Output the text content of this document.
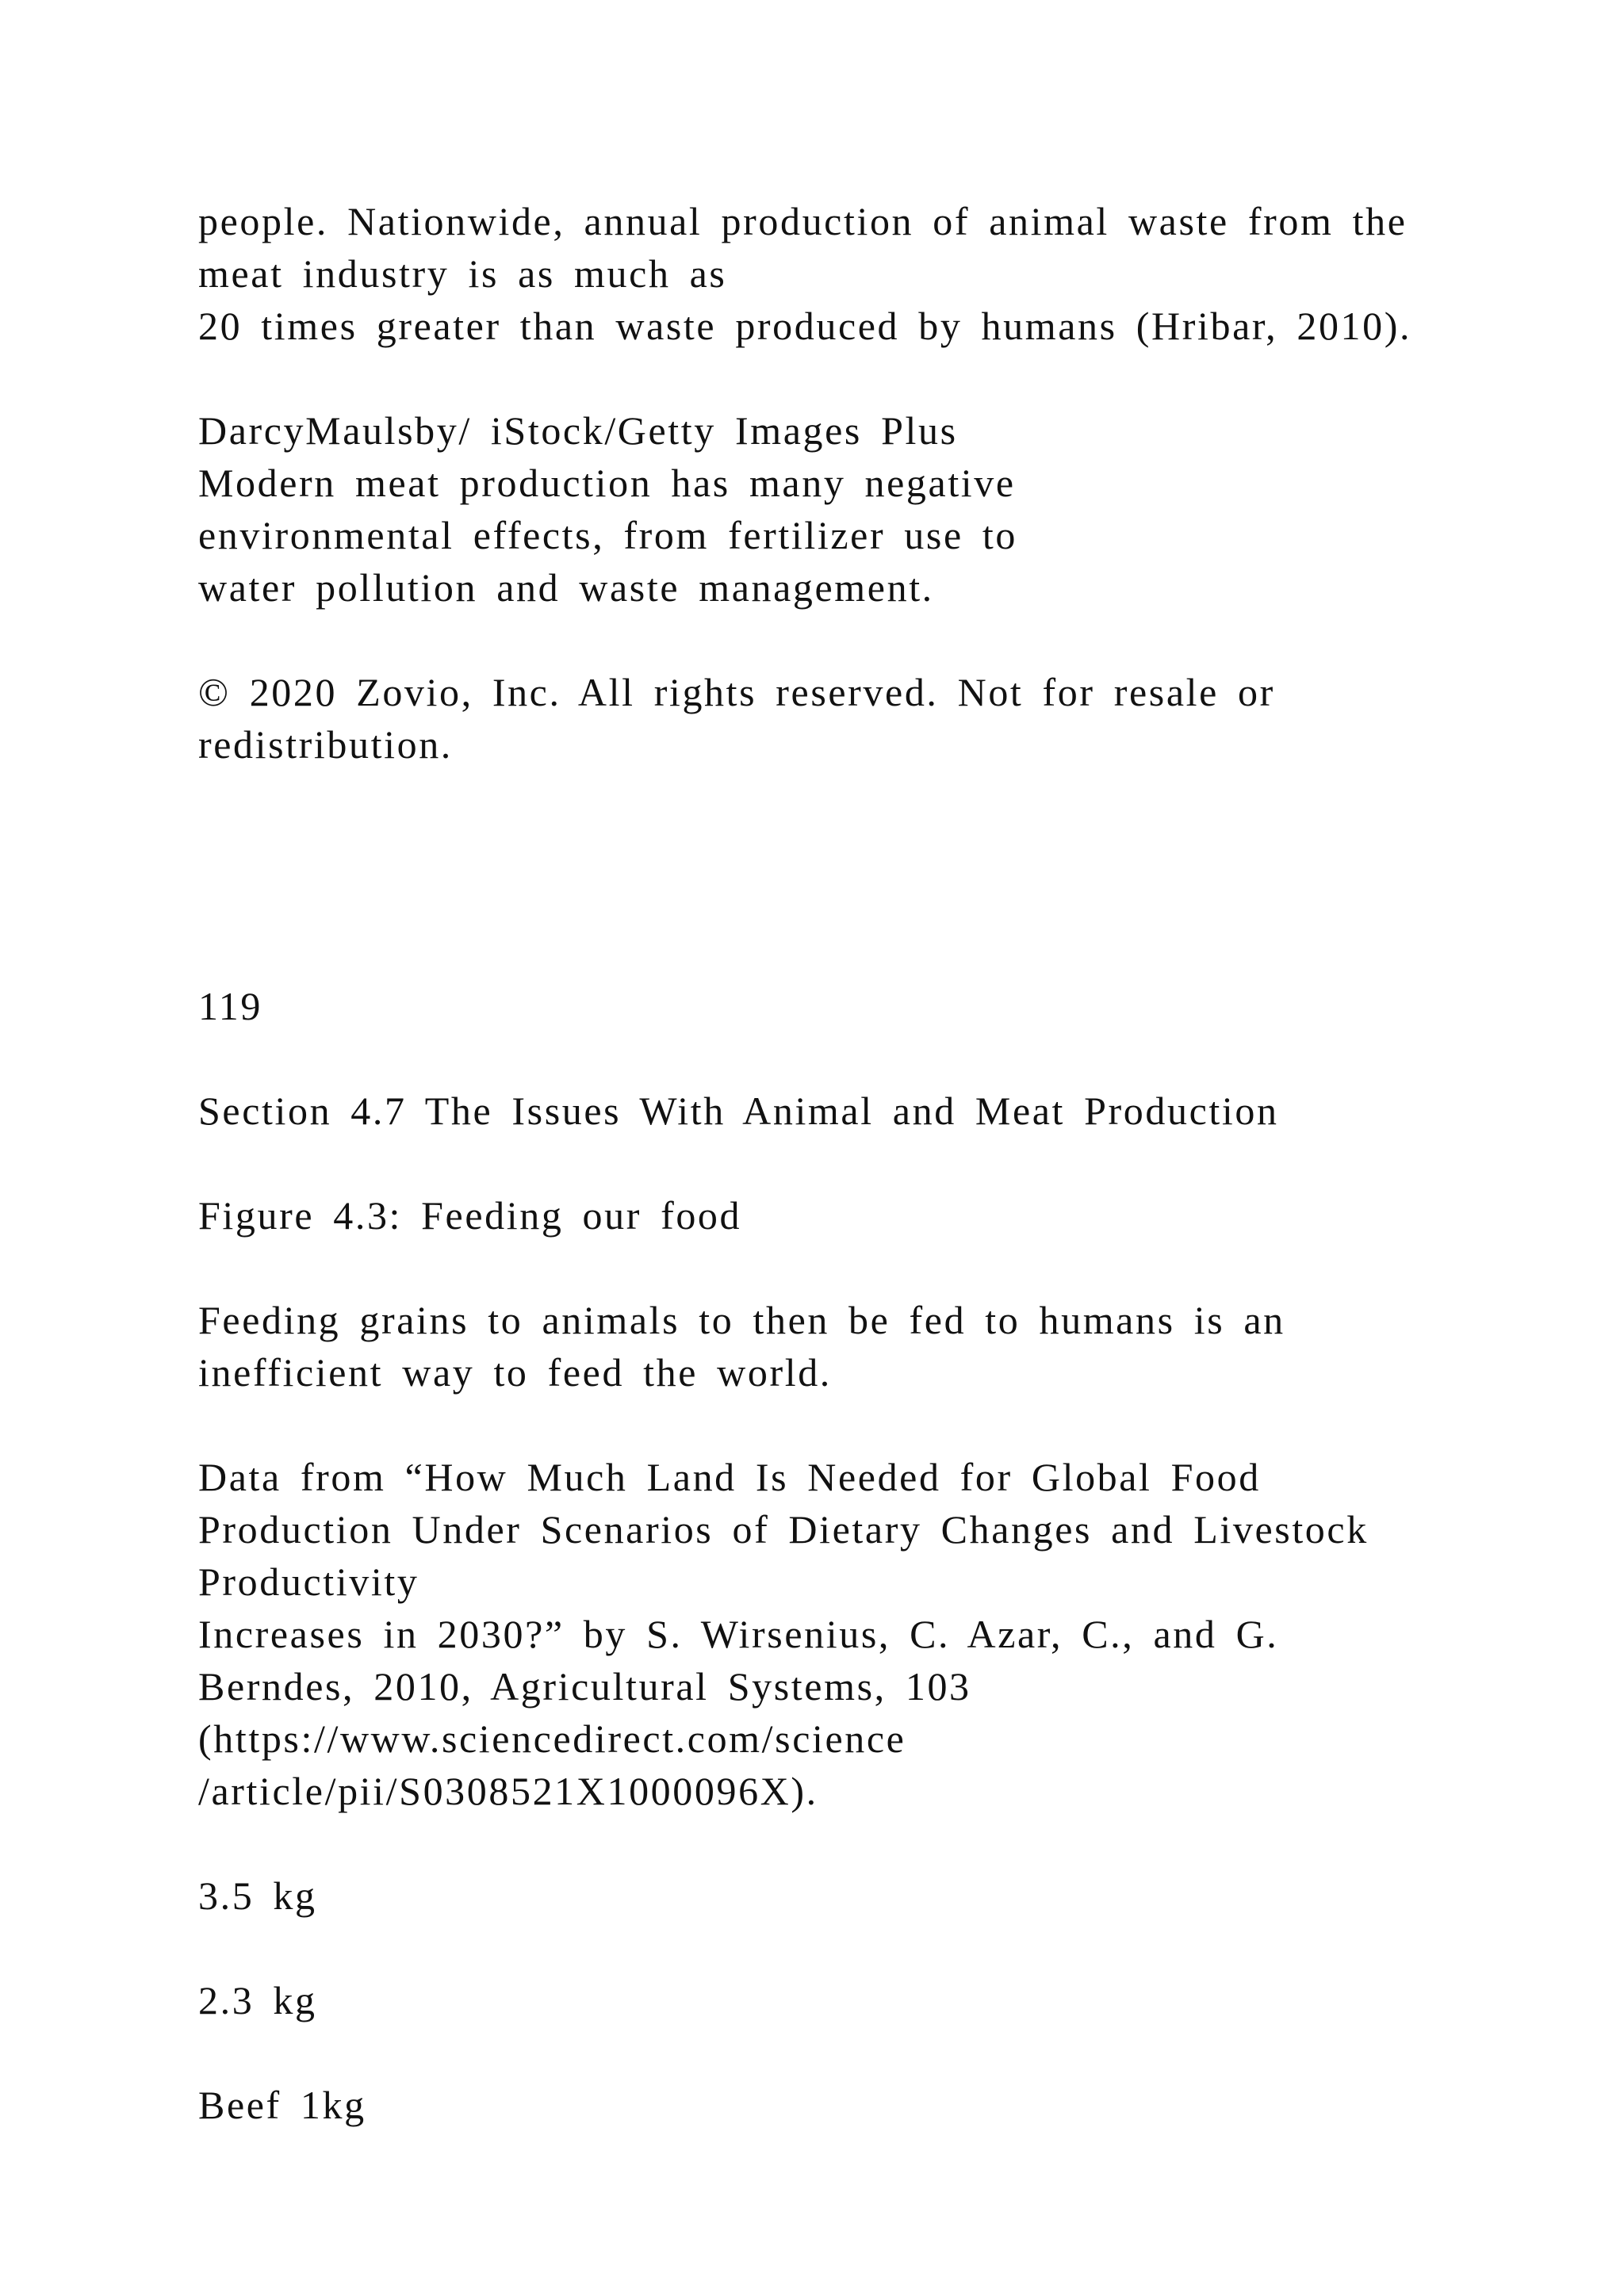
people. Nationwide, annual production of animal waste from the
meat industry is as much as
20 times greater than waste produced by humans (Hribar, 2010).
DarcyMaulsby/ iStock/Getty Images Plus
Modern meat production has many negative
environmental effects, from fertilizer use to
water pollution and waste management.
© 2020 Zovio, Inc. All rights reserved. Not for resale or
redistribution.
119
Section 4.7 The Issues With Animal and Meat Production
Figure 4.3: Feeding our food
Feeding grains to animals to then be fed to humans is an
inefficient way to feed the world.
Data from “How Much Land Is Needed for Global Food
Production Under Scenarios of Dietary Changes and Livestock
Productivity
Increases in 2030?” by S. Wirsenius, C. Azar, C., and G.
Berndes, 2010, Agricultural Systems, 103
(https://www.sciencedirect.com/science
/article/pii/S0308521X1000096X).
3.5 kg
2.3 kg
Beef 1kg
